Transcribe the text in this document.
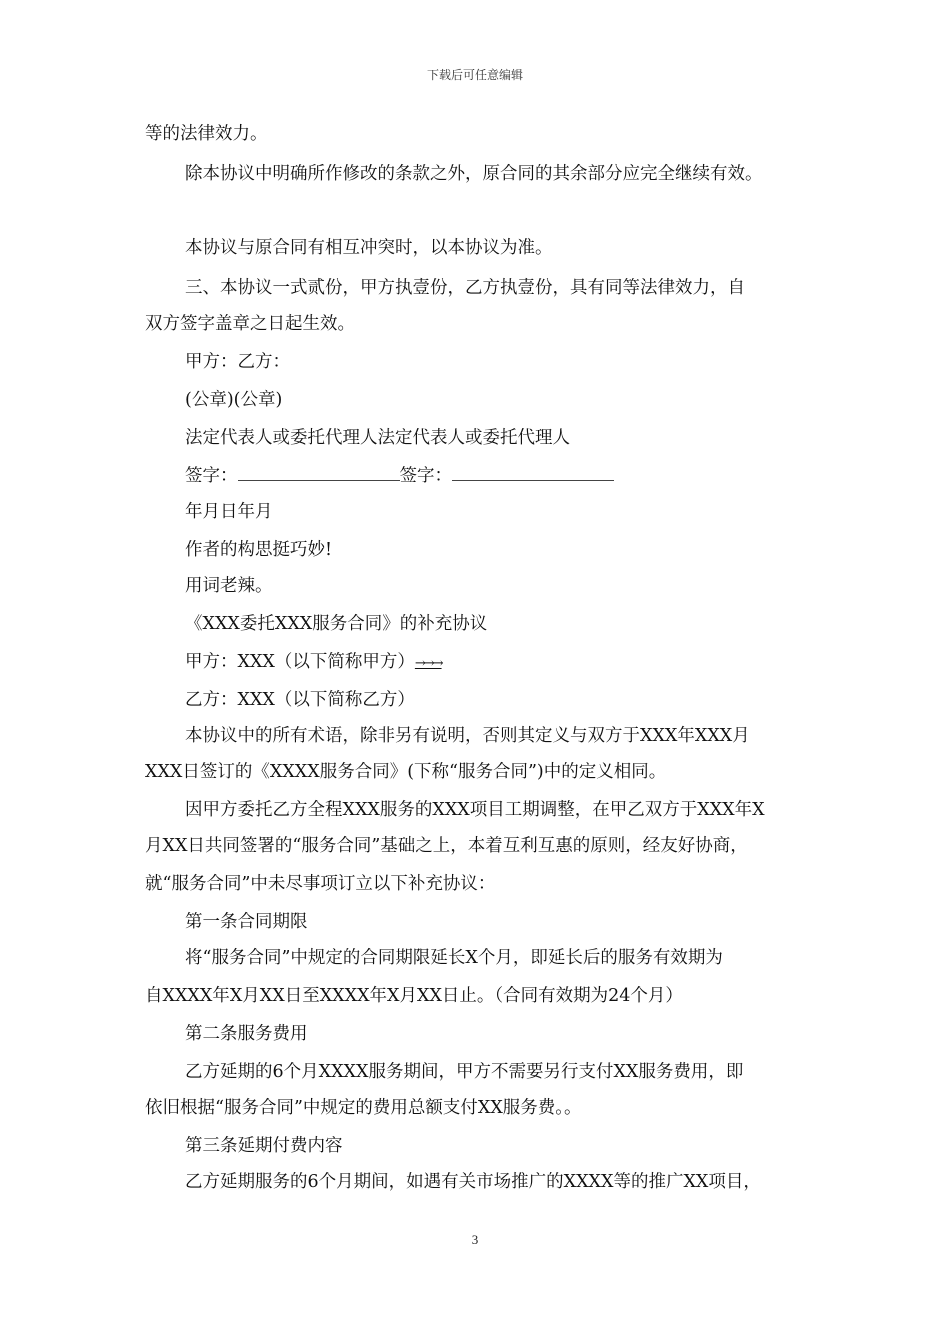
下载后可任意编辑
等的法律效力。
除本协议中明确所作修改的条款之外，原合同的其余部分应完全继续有效。
本协议与原合同有相互冲突时，以本协议为准。
三、本协议一式贰份，甲方执壹份，乙方执壹份，具有同等法律效力，自
双方签字盖章之日起生效。
甲方：乙方：
(公章)(公章)
法定代表人或委托代理人法定代表人或委托代理人
签字：	签字：
年月日年月
作者的构思挺巧妙!
用词老辣。
《XXX委托XXX服务合同》的补充协议
甲方：XXX（以下简称甲方）→→→
乙方：XXX（以下简称乙方）
本协议中的所有术语，除非另有说明，否则其定义与双方于XXX年XXX月
XXX日签订的《XXXX服务合同》(下称“服务合同”)中的定义相同。
因甲方委托乙方全程XXX服务的XXX项目工期调整，在甲乙双方于XXX年X
月XX日共同签署的“服务合同”基础之上，本着互利互惠的原则，经友好协商，
就“服务合同”中未尽事项订立以下补充协议：
第一条合同期限
将“服务合同”中规定的合同期限延长X个月，即延长后的服务有效期为
自XXXX年X月XX日至XXXX年X月XX日止。（合同有效期为24个月）
第二条服务费用
乙方延期的6个月XXXX服务期间，甲方不需要另行支付XX服务费用，即
依旧根据“服务合同”中规定的费用总额支付XX服务费。。
第三条延期付费内容
乙方延期服务的6个月期间，如遇有关市场推广的XXXX等的推广XX项目，
3
